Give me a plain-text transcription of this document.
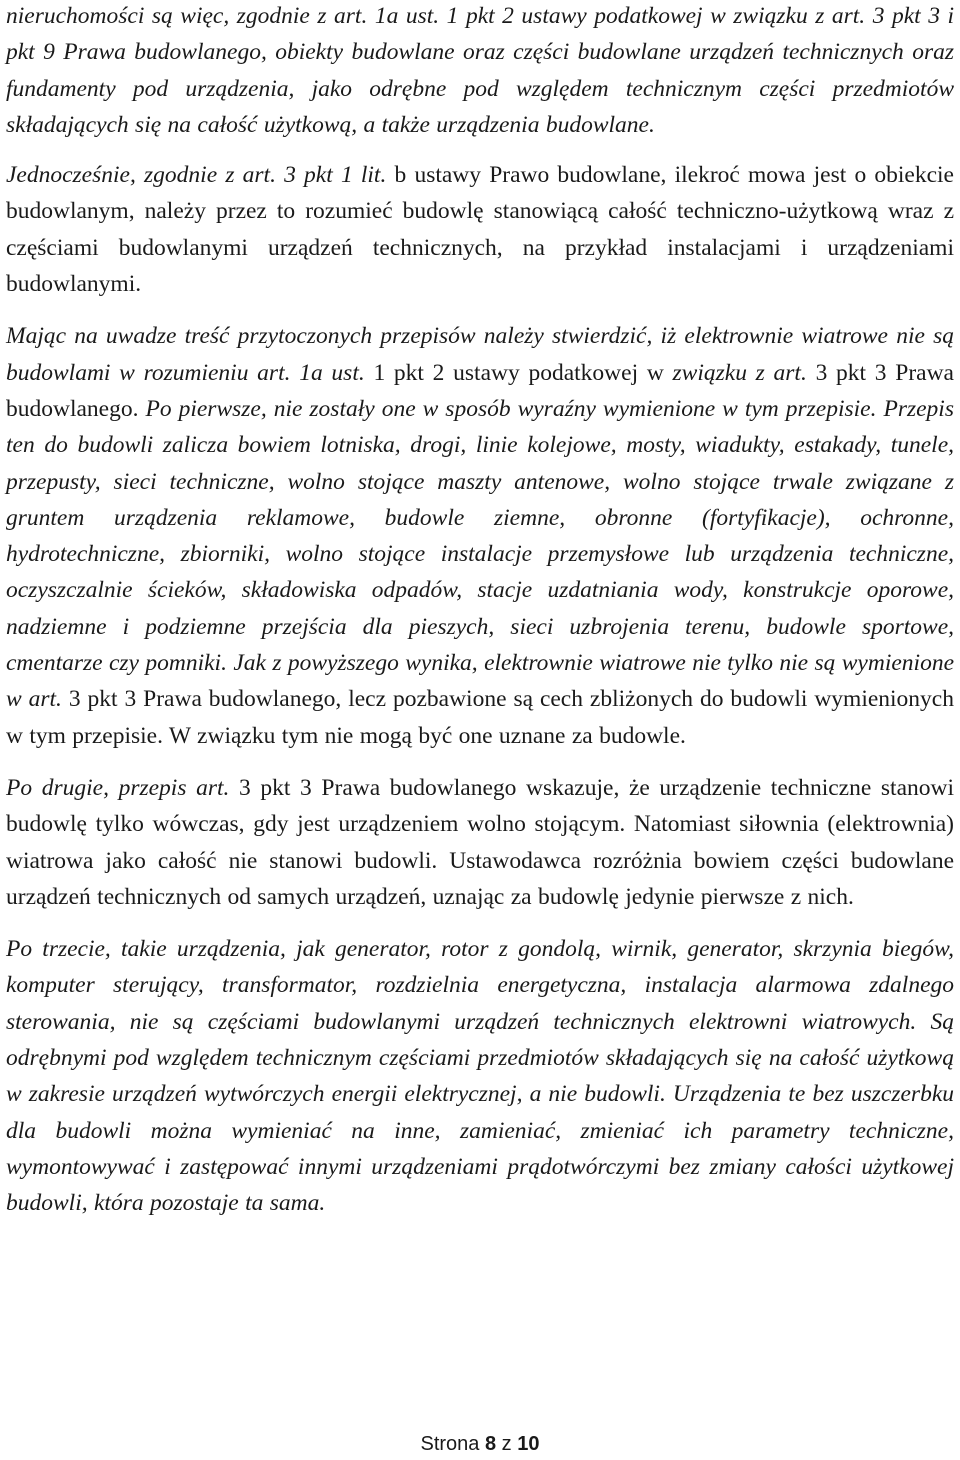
nieruchomości są więc, zgodnie z art. 1a ust. 1 pkt 2 ustawy podatkowej w związku z art. 3 pkt 3 i pkt 9 Prawa budowlanego, obiekty budowlane oraz części budowlane urządzeń technicznych oraz fundamenty pod urządzenia, jako odrębne pod względem technicznym części przedmiotów składających się na całość użytkową, a także urządzenia budowlane.

Jednocześnie, zgodnie z art. 3 pkt 1 lit. b ustawy Prawo budowlane, ilekroć mowa jest o obiekcie budowlanym, należy przez to rozumieć budowlę stanowiącą całość techniczno-użytkową wraz z częściami budowlanymi urządzeń technicznych, na przykład instalacjami i urządzeniami budowlanymi.

Mając na uwadze treść przytoczonych przepisów należy stwierdzić, iż elektrownie wiatrowe nie są budowlami w rozumieniu art. 1a ust. 1 pkt 2 ustawy podatkowej w związku z art. 3 pkt 3 Prawa budowlanego. Po pierwsze, nie zostały one w sposób wyraźny wymienione w tym przepisie. Przepis ten do budowli zalicza bowiem lotniska, drogi, linie kolejowe, mosty, wiadukty, estakady, tunele, przepusty, sieci techniczne, wolno stojące maszty antenowe, wolno stojące trwale związane z gruntem urządzenia reklamowe, budowle ziemne, obronne (fortyfikacje), ochronne, hydrotechniczne, zbiorniki, wolno stojące instalacje przemysłowe lub urządzenia techniczne, oczyszczalnie ścieków, składowiska odpadów, stacje uzdatniania wody, konstrukcje oporowe, nadziemne i podziemne przejścia dla pieszych, sieci uzbrojenia terenu, budowle sportowe, cmentarze czy pomniki. Jak z powyższego wynika, elektrownie wiatrowe nie tylko nie są wymienione w art. 3 pkt 3 Prawa budowlanego, lecz pozbawione są cech zbliżonych do budowli wymienionych w tym przepisie. W związku tym nie mogą być one uznane za budowle.

Po drugie, przepis art. 3 pkt 3 Prawa budowlanego wskazuje, że urządzenie techniczne stanowi budowlę tylko wówczas, gdy jest urządzeniem wolno stojącym. Natomiast siłownia (elektrownia) wiatrowa jako całość nie stanowi budowli. Ustawodawca rozróżnia bowiem części budowlane urządzeń technicznych od samych urządzeń, uznając za budowlę jedynie pierwsze z nich.

Po trzecie, takie urządzenia, jak generator, rotor z gondolą, wirnik, generator, skrzynia biegów, komputer sterujący, transformator, rozdzielnia energetyczna, instalacja alarmowa zdalnego sterowania, nie są częściami budowlanymi urządzeń technicznych elektrowni wiatrowych. Są odrębnymi pod względem technicznym częściami przedmiotów składających się na całość użytkową w zakresie urządzeń wytwórczych energii elektrycznej, a nie budowli. Urządzenia te bez uszczerbku dla budowli można wymieniać na inne, zamieniać, zmieniać ich parametry techniczne, wymontowywać i zastępować innymi urządzeniami prądotwórczymi bez zmiany całości użytkowej budowli, która pozostaje ta sama.

Strona 8 z 10
